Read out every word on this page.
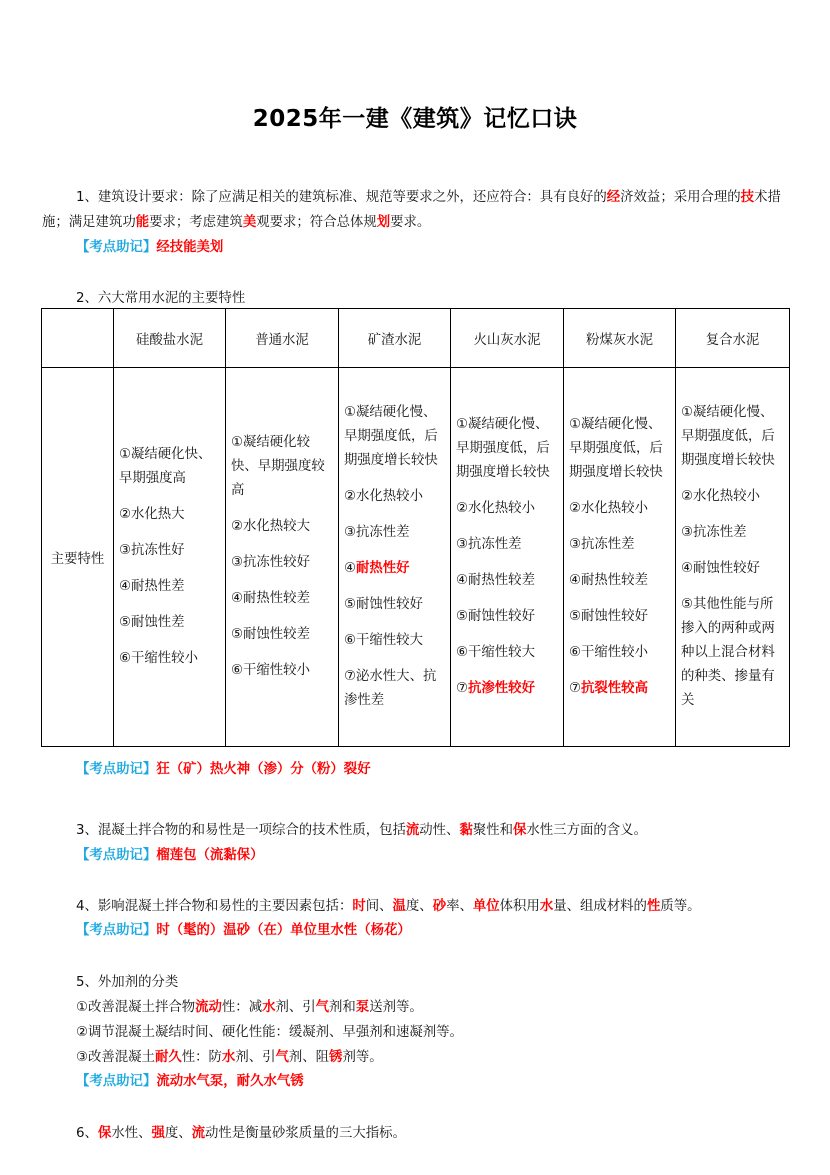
2025年一建《建筑》记忆口诀
1、建筑设计要求：除了应满足相关的建筑标准、规范等要求之外，还应符合：具有良好的经济效益；采用合理的技术措施；满足建筑功能要求；考虑建筑美观要求；符合总体规划要求。
【考点助记】经技能美划
2、六大常用水泥的主要特性
	硅酸盐水泥	普通水泥	矿渣水泥	火山灰水泥	粉煤灰水泥	复合水泥
主要特性	
①凝结硬化快、早期强度高
②水化热大
③抗冻性好
④耐热性差
⑤耐蚀性差
⑥干缩性较小

①凝结硬化较快、早期强度较高
②水化热较大
③抗冻性较好
④耐热性较差
⑤耐蚀性较差
⑥干缩性较小

①凝结硬化慢、早期强度低，后期强度增长较快
②水化热较小
③抗冻性差
④耐热性好
⑤耐蚀性较好
⑥干缩性较大
⑦泌水性大、抗渗性差

①凝结硬化慢、早期强度低，后期强度增长较快
②水化热较小
③抗冻性差
④耐热性较差
⑤耐蚀性较好
⑥干缩性较大
⑦抗渗性较好

①凝结硬化慢、早期强度低，后期强度增长较快
②水化热较小
③抗冻性差
④耐热性较差
⑤耐蚀性较好
⑥干缩性较小
⑦抗裂性较高

①凝结硬化慢、早期强度低，后期强度增长较快
②水化热较小
③抗冻性差
④耐蚀性较好
⑤其他性能与所掺入的两种或两种以上混合材料的种类、掺量有关
【考点助记】狂（矿）热火神（渗）分（粉）裂好
3、混凝土拌合物的和易性是一项综合的技术性质，包括流动性、黏聚性和保水性三方面的含义。
【考点助记】榴莲包（流黏保）
4、影响混凝土拌合物和易性的主要因素包括：时间、温度、砂率、单位体积用水量、组成材料的性质等。
【考点助记】时（髦的）温砂（在）单位里水性（杨花）
5、外加剂的分类
①改善混凝土拌合物流动性：减水剂、引气剂和泵送剂等。
②调节混凝土凝结时间、硬化性能：缓凝剂、早强剂和速凝剂等。
③改善混凝土耐久性：防水剂、引气剂、阻锈剂等。
【考点助记】流动水气泵，耐久水气锈
6、保水性、强度、流动性是衡量砂浆质量的三大指标。
